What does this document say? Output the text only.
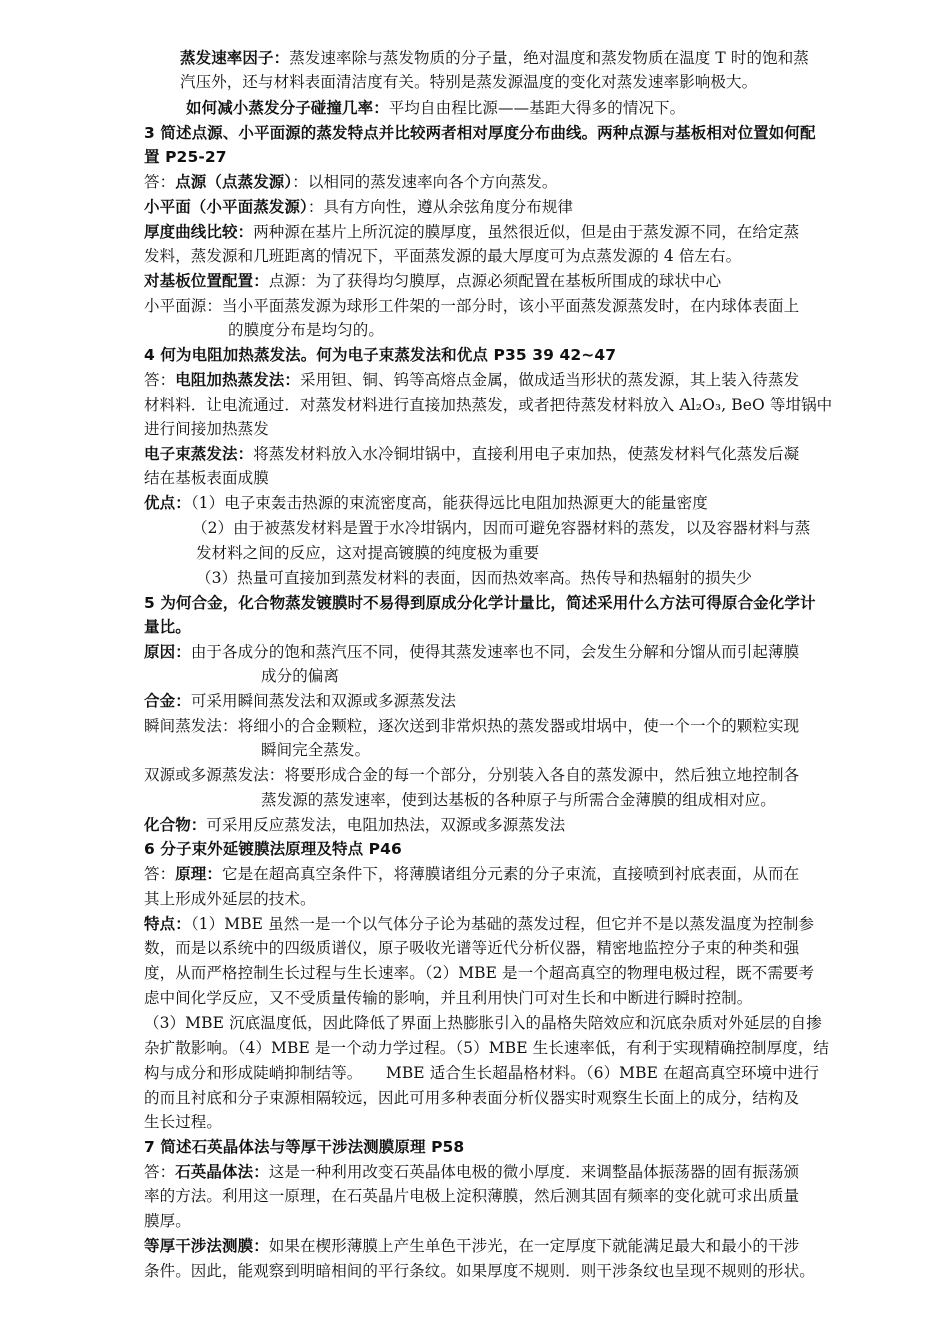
蒸发速率因子：蒸发速率除与蒸发物质的分子量，绝对温度和蒸发物质在温度 T 时的饱和蒸
汽压外，还与材料表面清洁度有关。特别是蒸发源温度的变化对蒸发速率影响极大。
如何减小蒸发分子碰撞几率：平均自由程比源——基距大得多的情况下。
3 简述点源、小平面源的蒸发特点并比较两者相对厚度分布曲线。两种点源与基板相对位置如何配
置 P25-27
答：点源（点蒸发源）：以相同的蒸发速率向各个方向蒸发。
小平面（小平面蒸发源）：具有方向性，遵从余弦角度分布规律
厚度曲线比较：两种源在基片上所沉淀的膜厚度，虽然很近似，但是由于蒸发源不同，在给定蒸
发料，蒸发源和几班距离的情况下，平面蒸发源的最大厚度可为点蒸发源的 4 倍左右。
对基板位置配置：点源：为了获得均匀膜厚，点源必须配置在基板所围成的球状中心
小平面源：当小平面蒸发源为球形工件架的一部分时，该小平面蒸发源蒸发时，在内球体表面上
的膜度分布是均匀的。
4 何为电阻加热蒸发法。何为电子束蒸发法和优点 P35 39 42~47
答：电阻加热蒸发法：采用钽、铜、钨等高熔点金属，做成适当形状的蒸发源，其上装入待蒸发
材料料．让电流通过．对蒸发材料进行直接加热蒸发，或者把待蒸发材料放入 Al₂O₃, BeO 等坩锅中
进行间接加热蒸发
电子束蒸发法：将蒸发材料放入水冷铜坩锅中，直接利用电子束加热，使蒸发材料气化蒸发后凝
结在基板表面成膜
优点：（1）电子束轰击热源的束流密度高，能获得远比电阻加热源更大的能量密度
（2）由于被蒸发材料是置于水冷坩锅内，因而可避免容器材料的蒸发，以及容器材料与蒸
发材料之间的反应，这对提高镀膜的纯度极为重要
（3）热量可直接加到蒸发材料的表面，因而热效率高。热传导和热辐射的损失少
5 为何合金，化合物蒸发镀膜时不易得到原成分化学计量比，简述采用什么方法可得原合金化学计
量比。
原因：由于各成分的饱和蒸汽压不同，使得其蒸发速率也不同，会发生分解和分馏从而引起薄膜
成分的偏离
合金：可采用瞬间蒸发法和双源或多源蒸发法
瞬间蒸发法：将细小的合金颗粒，逐次送到非常炽热的蒸发器或坩埚中，使一个一个的颗粒实现
瞬间完全蒸发。
双源或多源蒸发法：将要形成合金的每一个部分，分别装入各自的蒸发源中，然后独立地控制各
蒸发源的蒸发速率，使到达基板的各种原子与所需合金薄膜的组成相对应。
化合物：可采用反应蒸发法，电阻加热法，双源或多源蒸发法
6 分子束外延镀膜法原理及特点 P46
答：原理：它是在超高真空条件下，将薄膜诸组分元素的分子束流，直接喷到衬底表面，从而在
其上形成外延层的技术。
特点：（1）MBE 虽然一是一个以气体分子论为基础的蒸发过程，但它并不是以蒸发温度为控制参
数，而是以系统中的四级质谱仪，原子吸收光谱等近代分析仪器，精密地监控分子束的种类和强
度，从而严格控制生长过程与生长速率。（2）MBE 是一个超高真空的物理电极过程，既不需要考
虑中间化学反应，又不受质量传输的影响，并且利用快门可对生长和中断进行瞬时控制。
（3）MBE 沉底温度低，因此降低了界面上热膨胀引入的晶格失陪效应和沉底杂质对外延层的自掺
杂扩散影响。（4）MBE 是一个动力学过程。（5）MBE 生长速率低，有利于实现精确控制厚度，结
构与成分和形成陡峭抑制结等。　　MBE 适合生长超晶格材料。（6）MBE 在超高真空环境中进行
的而且衬底和分子束源相隔较远，因此可用多种表面分析仪器实时观察生长面上的成分，结构及
生长过程。
7 简述石英晶体法与等厚干涉法测膜原理 P58
答：石英晶体法：这是一种利用改变石英晶体电极的微小厚度．来调整晶体振荡器的固有振荡颁
率的方法。利用这一原理，在石英晶片电极上淀积薄膜，然后测其固有频率的变化就可求出质量
膜厚。
等厚干涉法测膜：如果在楔形薄膜上产生单色干涉光，在一定厚度下就能满足最大和最小的干涉
条件。因此，能观察到明暗相间的平行条纹。如果厚度不规则．则干涉条纹也呈现不规则的形状。
